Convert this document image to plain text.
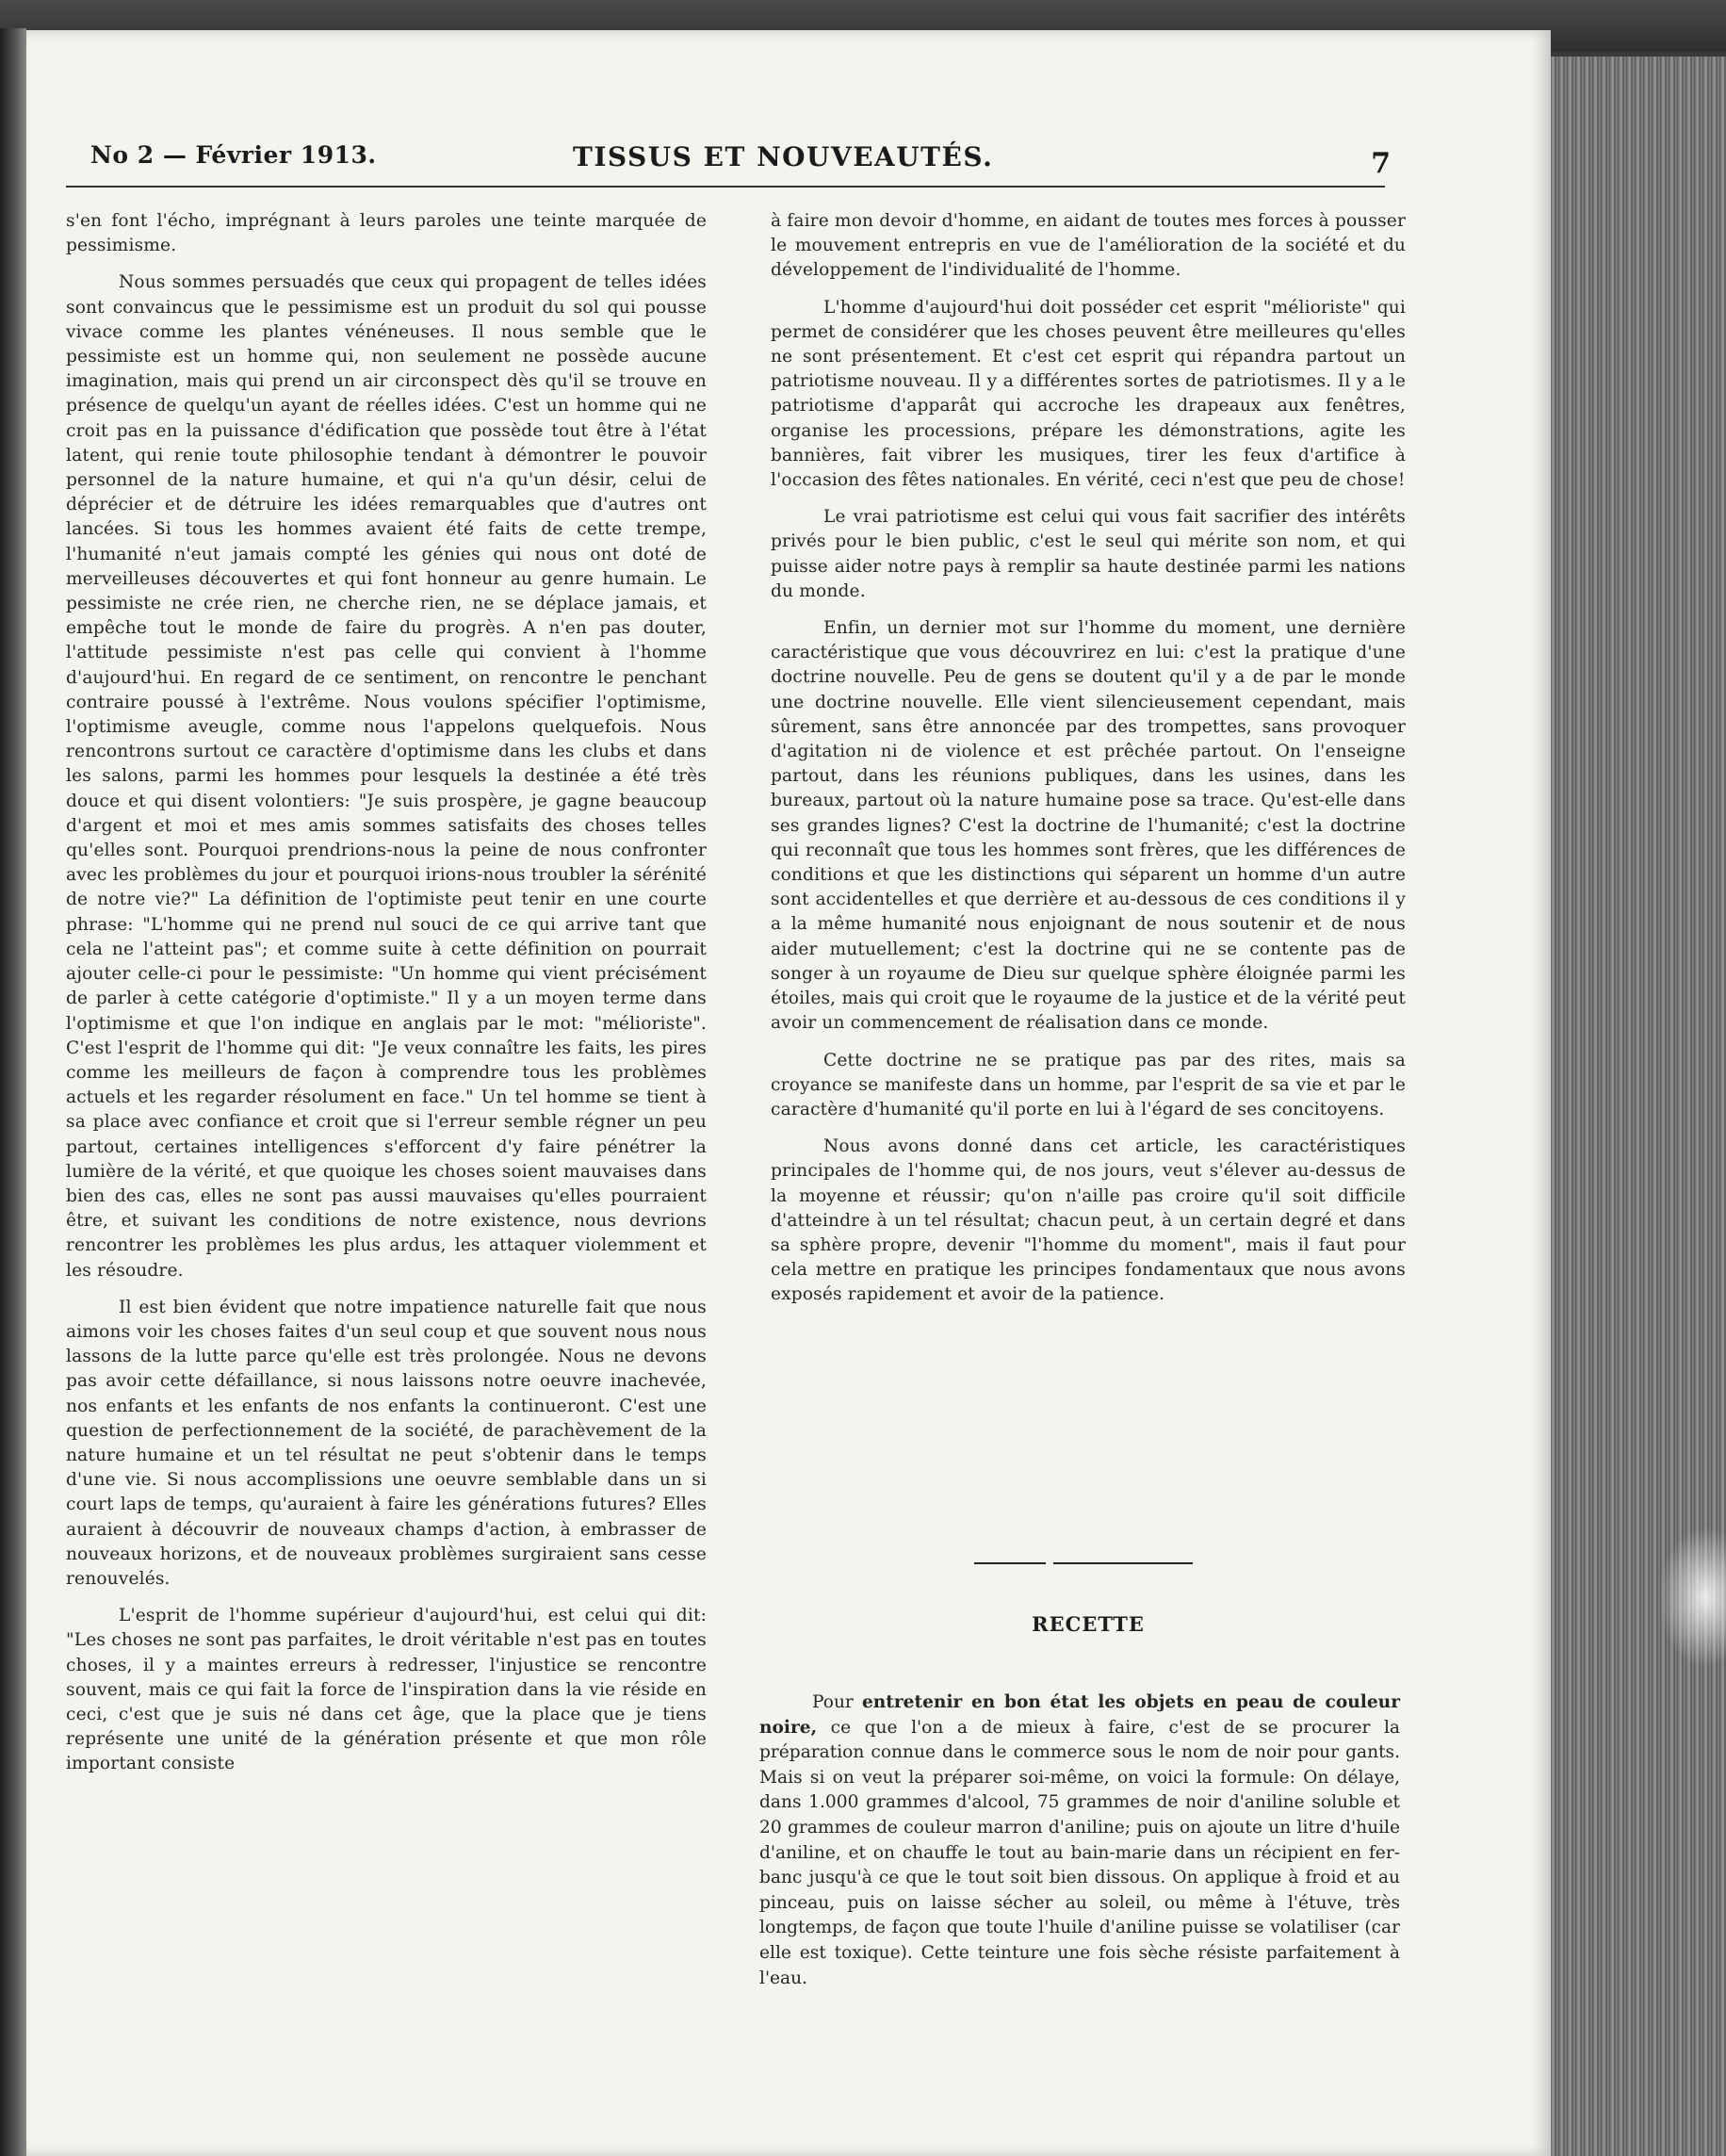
No 2 — Février 1913.	TISSUS ET NOUVEAUTÉS.	7

s'en font l'écho, imprégnant à leurs paroles une teinte marquée de pessimisme.

Nous sommes persuadés que ceux qui propagent de telles idées sont convaincus que le pessimisme est un produit du sol qui pousse vivace comme les plantes vénéneuses. Il nous semble que le pessimiste est un homme qui, non seulement ne possède aucune imagination, mais qui prend un air circonspect dès qu'il se trouve en présence de quelqu'un ayant de réelles idées. C'est un homme qui ne croit pas en la puissance d'édification que possède tout être à l'état latent, qui renie toute philosophie tendant à démontrer le pouvoir personnel de la nature humaine, et qui n'a qu'un désir, celui de déprécier et de détruire les idées remarquables que d'autres ont lancées. Si tous les hommes avaient été faits de cette trempe, l'humanité n'eut jamais compté les génies qui nous ont doté de merveilleuses découvertes et qui font honneur au genre humain. Le pessimiste ne crée rien, ne cherche rien, ne se déplace jamais, et empêche tout le monde de faire du progrès. A n'en pas douter, l'attitude pessimiste n'est pas celle qui convient à l'homme d'aujourd'hui. En regard de ce sentiment, on rencontre le penchant contraire poussé à l'extrême. Nous voulons spécifier l'optimisme, l'optimisme aveugle, comme nous l'appelons quelquefois. Nous rencontrons surtout ce caractère d'optimisme dans les clubs et dans les salons, parmi les hommes pour lesquels la destinée a été très douce et qui disent volontiers: "Je suis prospère, je gagne beaucoup d'argent et moi et mes amis sommes satisfaits des choses telles qu'elles sont. Pourquoi prendrions-nous la peine de nous confronter avec les problèmes du jour et pourquoi irions-nous troubler la sérénité de notre vie?" La définition de l'optimiste peut tenir en une courte phrase: "L'homme qui ne prend nul souci de ce qui arrive tant que cela ne l'atteint pas"; et comme suite à cette définition on pourrait ajouter celle-ci pour le pessimiste: "Un homme qui vient précisément de parler à cette catégorie d'optimiste." Il y a un moyen terme dans l'optimisme et que l'on indique en anglais par le mot: "mélioriste". C'est l'esprit de l'homme qui dit: "Je veux connaître les faits, les pires comme les meilleurs de façon à comprendre tous les problèmes actuels et les regarder résolument en face." Un tel homme se tient à sa place avec confiance et croit que si l'erreur semble régner un peu partout, certaines intelligences s'efforcent d'y faire pénétrer la lumière de la vérité, et que quoique les choses soient mauvaises dans bien des cas, elles ne sont pas aussi mauvaises qu'elles pourraient être, et suivant les conditions de notre existence, nous devrions rencontrer les problèmes les plus ardus, les attaquer violemment et les résoudre.

Il est bien évident que notre impatience naturelle fait que nous aimons voir les choses faites d'un seul coup et que souvent nous nous lassons de la lutte parce qu'elle est très prolongée. Nous ne devons pas avoir cette défaillance, si nous laissons notre oeuvre inachevée, nos enfants et les enfants de nos enfants la continueront. C'est une question de perfectionnement de la société, de parachèvement de la nature humaine et un tel résultat ne peut s'obtenir dans le temps d'une vie. Si nous accomplissions une oeuvre semblable dans un si court laps de temps, qu'auraient à faire les générations futures? Elles auraient à découvrir de nouveaux champs d'action, à embrasser de nouveaux horizons, et de nouveaux problèmes surgiraient sans cesse renouvelés.

L'esprit de l'homme supérieur d'aujourd'hui, est celui qui dit: "Les choses ne sont pas parfaites, le droit véritable n'est pas en toutes choses, il y a maintes erreurs à redresser, l'injustice se rencontre souvent, mais ce qui fait la force de l'inspiration dans la vie réside en ceci, c'est que je suis né dans cet âge, que la place que je tiens représente une unité de la génération présente et que mon rôle important consiste

à faire mon devoir d'homme, en aidant de toutes mes forces à pousser le mouvement entrepris en vue de l'amélioration de la société et du développement de l'individualité de l'homme.

L'homme d'aujourd'hui doit posséder cet esprit "mélioriste" qui permet de considérer que les choses peuvent être meilleures qu'elles ne sont présentement. Et c'est cet esprit qui répandra partout un patriotisme nouveau. Il y a différentes sortes de patriotismes. Il y a le patriotisme d'apparât qui accroche les drapeaux aux fenêtres, organise les processions, prépare les démonstrations, agite les bannières, fait vibrer les musiques, tirer les feux d'artifice à l'occasion des fêtes nationales. En vérité, ceci n'est que peu de chose!

Le vrai patriotisme est celui qui vous fait sacrifier des intérêts privés pour le bien public, c'est le seul qui mérite son nom, et qui puisse aider notre pays à remplir sa haute destinée parmi les nations du monde.

Enfin, un dernier mot sur l'homme du moment, une dernière caractéristique que vous découvrirez en lui: c'est la pratique d'une doctrine nouvelle. Peu de gens se doutent qu'il y a de par le monde une doctrine nouvelle. Elle vient silencieusement cependant, mais sûrement, sans être annoncée par des trompettes, sans provoquer d'agitation ni de violence et est prêchée partout. On l'enseigne partout, dans les réunions publiques, dans les usines, dans les bureaux, partout où la nature humaine pose sa trace. Qu'est-elle dans ses grandes lignes? C'est la doctrine de l'humanité; c'est la doctrine qui reconnaît que tous les hommes sont frères, que les différences de conditions et que les distinctions qui séparent un homme d'un autre sont accidentelles et que derrière et au-dessous de ces conditions il y a la même humanité nous enjoignant de nous soutenir et de nous aider mutuellement; c'est la doctrine qui ne se contente pas de songer à un royaume de Dieu sur quelque sphère éloignée parmi les étoiles, mais qui croit que le royaume de la justice et de la vérité peut avoir un commencement de réalisation dans ce monde.

Cette doctrine ne se pratique pas par des rites, mais sa croyance se manifeste dans un homme, par l'esprit de sa vie et par le caractère d'humanité qu'il porte en lui à l'égard de ses concitoyens.

Nous avons donné dans cet article, les caractéristiques principales de l'homme qui, de nos jours, veut s'élever au-dessus de la moyenne et réussir; qu'on n'aille pas croire qu'il soit difficile d'atteindre à un tel résultat; chacun peut, à un certain degré et dans sa sphère propre, devenir "l'homme du moment", mais il faut pour cela mettre en pratique les principes fondamentaux que nous avons exposés rapidement et avoir de la patience.

RECETTE

Pour entretenir en bon état les objets en peau de couleur noire, ce que l'on a de mieux à faire, c'est de se procurer la préparation connue dans le commerce sous le nom de noir pour gants. Mais si on veut la préparer soi-même, on voici la formule: On délaye, dans 1.000 grammes d'alcool, 75 grammes de noir d'aniline soluble et 20 grammes de couleur marron d'aniline; puis on ajoute un litre d'huile d'aniline, et on chauffe le tout au bain-marie dans un récipient en fer-banc jusqu'à ce que le tout soit bien dissous. On applique à froid et au pinceau, puis on laisse sécher au soleil, ou même à l'étuve, très longtemps, de façon que toute l'huile d'aniline puisse se volatiliser (car elle est toxique). Cette teinture une fois sèche résiste parfaitement à l'eau.
